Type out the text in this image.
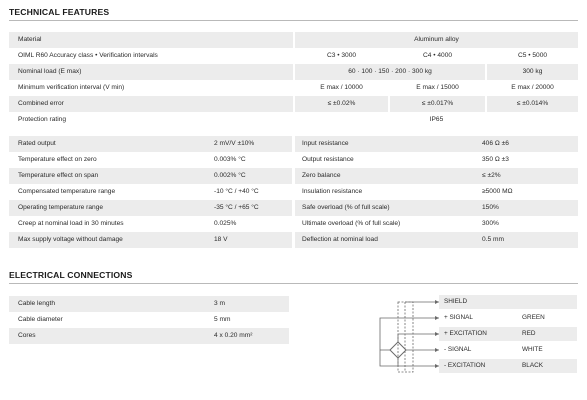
TECHNICAL FEATURES
Material	Aluminum alloy
OIML R60 Accuracy class • Verification intervals	C3 • 3000	C4 • 4000	C5 • 5000
Nominal load (E max)	60 · 100 · 150 · 200 · 300 kg	300 kg
Minimum verification interval (V min)	E max / 10000	E max / 15000	E max / 20000
Combined error	≤ ±0.02%	≤ ±0.017%	≤ ±0.014%
Protection rating	IP65
Rated output	2 mV/V ±10%
Temperature effect on zero	0.003% °C
Temperature effect on span	0.002% °C
Compensated temperature range	-10 °C / +40 °C
Operating temperature range	-35 °C / +65 °C
Creep at nominal load in 30 minutes	0.025%
Max supply voltage without damage	18 V
Input resistance	406 Ω ±6
Output resistance	350 Ω ±3
Zero balance	≤ ±2%
Insulation resistance	≥5000 MΩ
Safe overload (% of full scale)	150%
Ultimate overload (% of full scale)	300%
Deflection at nominal load	0.5 mm
ELECTRICAL CONNECTIONS
Cable length	3 m
Cable diameter	5 mm
Cores	4 x 0.20 mm²
SHIELD
+ SIGNAL	GREEN
+ EXCITATION	RED
- SIGNAL	WHITE
- EXCITATION	BLACK
